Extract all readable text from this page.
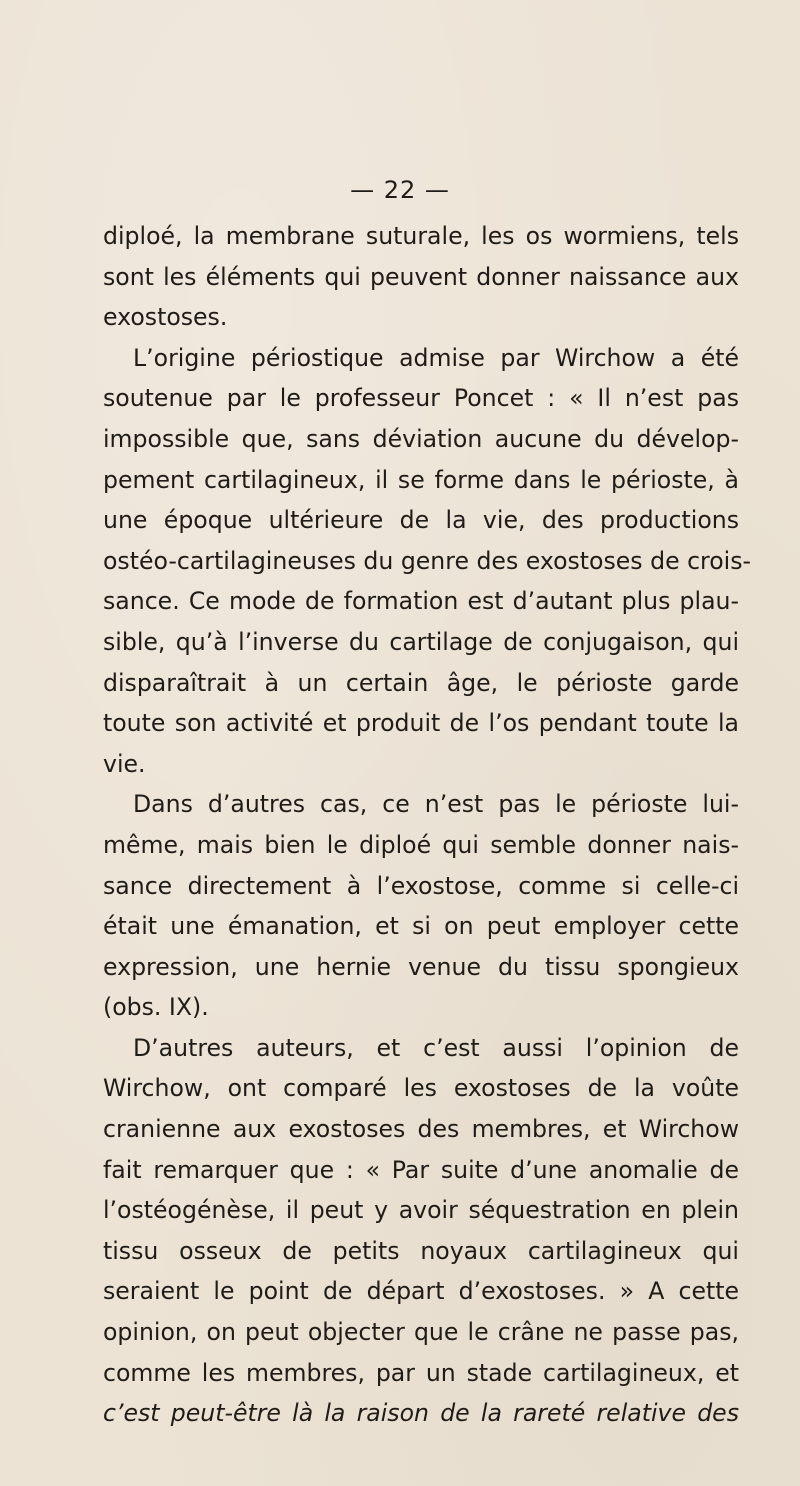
— 22 —
diploé, la membrane suturale, les os wormiens, tels
sont les éléments qui peuvent donner naissance aux
exostoses.
L’origine périostique admise par Wirchow a été
soutenue par le professeur Poncet : « Il n’est pas
impossible que, sans déviation aucune du dévelop-
pement cartilagineux, il se forme dans le périoste, à
une époque ultérieure de la vie, des productions
ostéo-cartilagineuses du genre des exostoses de crois-
sance. Ce mode de formation est d’autant plus plau-
sible, qu’à l’inverse du cartilage de conjugaison, qui
disparaîtrait à un certain âge, le périoste garde
toute son activité et produit de l’os pendant toute la
vie.
Dans d’autres cas, ce n’est pas le périoste lui-
même, mais bien le diploé qui semble donner nais-
sance directement à l’exostose, comme si celle-ci
était une émanation, et si on peut employer cette
expression, une hernie venue du tissu spongieux
(obs. IX).
D’autres auteurs, et c’est aussi l’opinion de
Wirchow, ont comparé les exostoses de la voûte
cranienne aux exostoses des membres, et Wirchow
fait remarquer que : « Par suite d’une anomalie de
l’ostéogénèse, il peut y avoir séquestration en plein
tissu osseux de petits noyaux cartilagineux qui
seraient le point de départ d’exostoses. » A cette
opinion, on peut objecter que le crâne ne passe pas,
comme les membres, par un stade cartilagineux, et
c’est peut-être là la raison de la rareté relative des
